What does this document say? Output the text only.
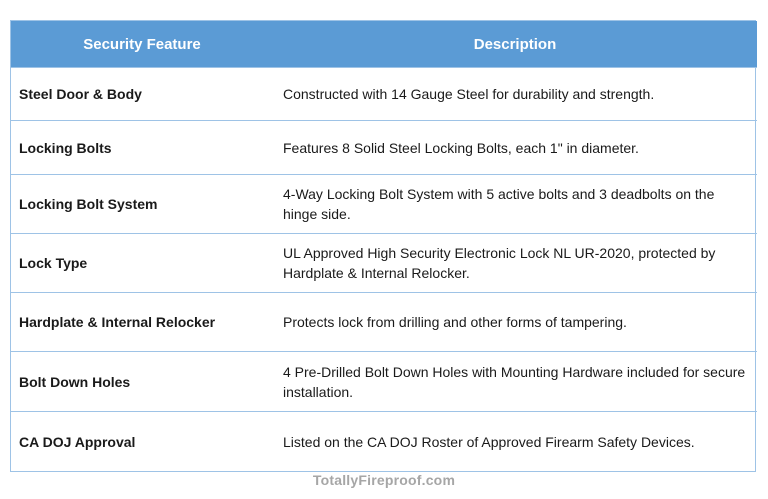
Security Feature	Description
Steel Door & Body	Constructed with 14 Gauge Steel for durability and strength.
Locking Bolts	Features 8 Solid Steel Locking Bolts, each 1" in diameter.
Locking Bolt System	4-Way Locking Bolt System with 5 active bolts and 3 deadbolts on the hinge side.
Lock Type	UL Approved High Security Electronic Lock NL UR-2020, protected by Hardplate & Internal Relocker.
Hardplate & Internal Relocker	Protects lock from drilling and other forms of tampering.
Bolt Down Holes	4 Pre-Drilled Bolt Down Holes with Mounting Hardware included for secure installation.
CA DOJ Approval	Listed on the CA DOJ Roster of Approved Firearm Safety Devices.
TotallyFireproof.com
